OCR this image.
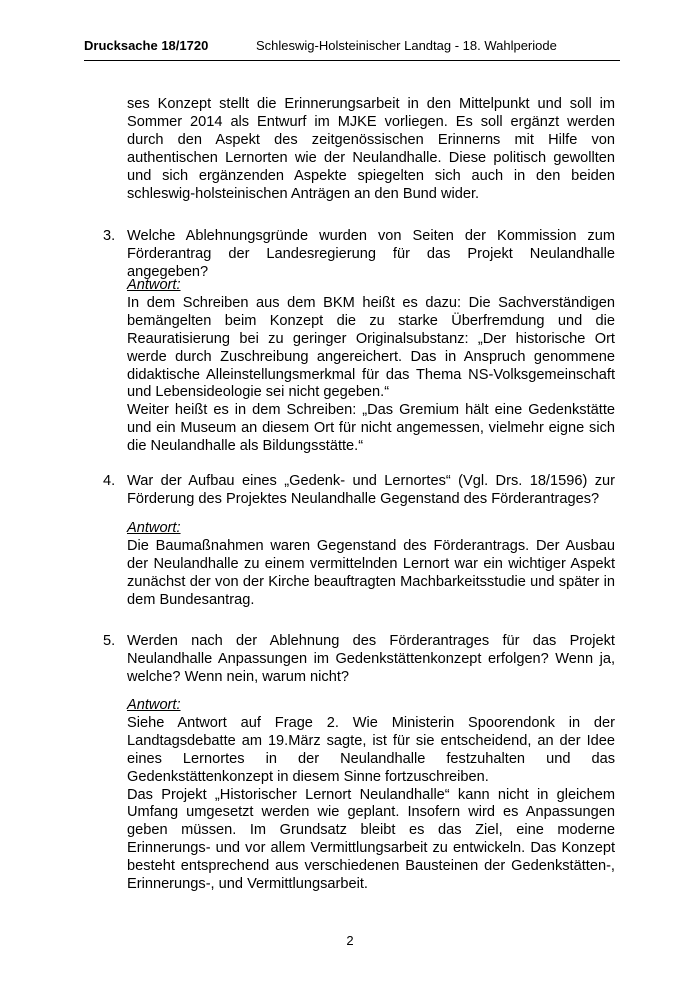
Drucksache 18/1720	Schleswig-Holsteinischer Landtag - 18. Wahlperiode

ses Konzept stellt die Erinnerungsarbeit in den Mittelpunkt und soll im Sommer 2014 als Entwurf im MJKE vorliegen. Es soll ergänzt werden durch den Aspekt des zeitgenössischen Erinnerns mit Hilfe von authentischen Lernorten wie der Neulandhalle. Diese politisch gewollten und sich ergänzenden Aspekte spiegelten sich auch in den beiden schleswig-holsteinischen Anträgen an den Bund wider.

3. Welche Ablehnungsgründe wurden von Seiten der Kommission zum Förderantrag der Landesregierung für das Projekt Neulandhalle angegeben?

Antwort:

In dem Schreiben aus dem BKM heißt es dazu: Die Sachverständigen bemängelten beim Konzept die zu starke Überfremdung und die Reauratisierung bei zu geringer Originalsubstanz: „Der historische Ort werde durch Zuschreibung angereichert. Das in Anspruch genommene didaktische Alleinstellungsmerkmal für das Thema NS-Volksgemeinschaft und Lebensideologie sei nicht gegeben.“

Weiter heißt es in dem Schreiben: „Das Gremium hält eine Gedenkstätte und ein Museum an diesem Ort für nicht angemessen, vielmehr eigne sich die Neulandhalle als Bildungsstätte.“

4. War der Aufbau eines „Gedenk- und Lernortes“ (Vgl. Drs. 18/1596) zur Förderung des Projektes Neulandhalle Gegenstand des Förderantrages?

Antwort:

Die Baumaßnahmen waren Gegenstand des Förderantrags. Der Ausbau der Neulandhalle zu einem vermittelnden Lernort war ein wichtiger Aspekt zunächst der von der Kirche beauftragten Machbarkeitsstudie und später in dem Bundesantrag.

5. Werden nach der Ablehnung des Förderantrages für das Projekt Neulandhalle Anpassungen im Gedenkstättenkonzept erfolgen? Wenn ja, welche? Wenn nein, warum nicht?

Antwort:

Siehe Antwort auf Frage 2. Wie Ministerin Spoorendonk in der Landtagsdebatte am 19.März sagte, ist für sie entscheidend, an der Idee eines Lernortes in der Neulandhalle festzuhalten und das Gedenkstättenkonzept in diesem Sinne fortzuschreiben.

Das Projekt „Historischer Lernort Neulandhalle“ kann nicht in gleichem Umfang umgesetzt werden wie geplant. Insofern wird es Anpassungen geben müssen. Im Grundsatz bleibt es das Ziel, eine moderne Erinnerungs- und vor allem Vermittlungsarbeit zu entwickeln. Das Konzept besteht entsprechend aus verschiedenen Bausteinen der Gedenkstätten-, Erinnerungs-, und Vermittlungsarbeit.

2
